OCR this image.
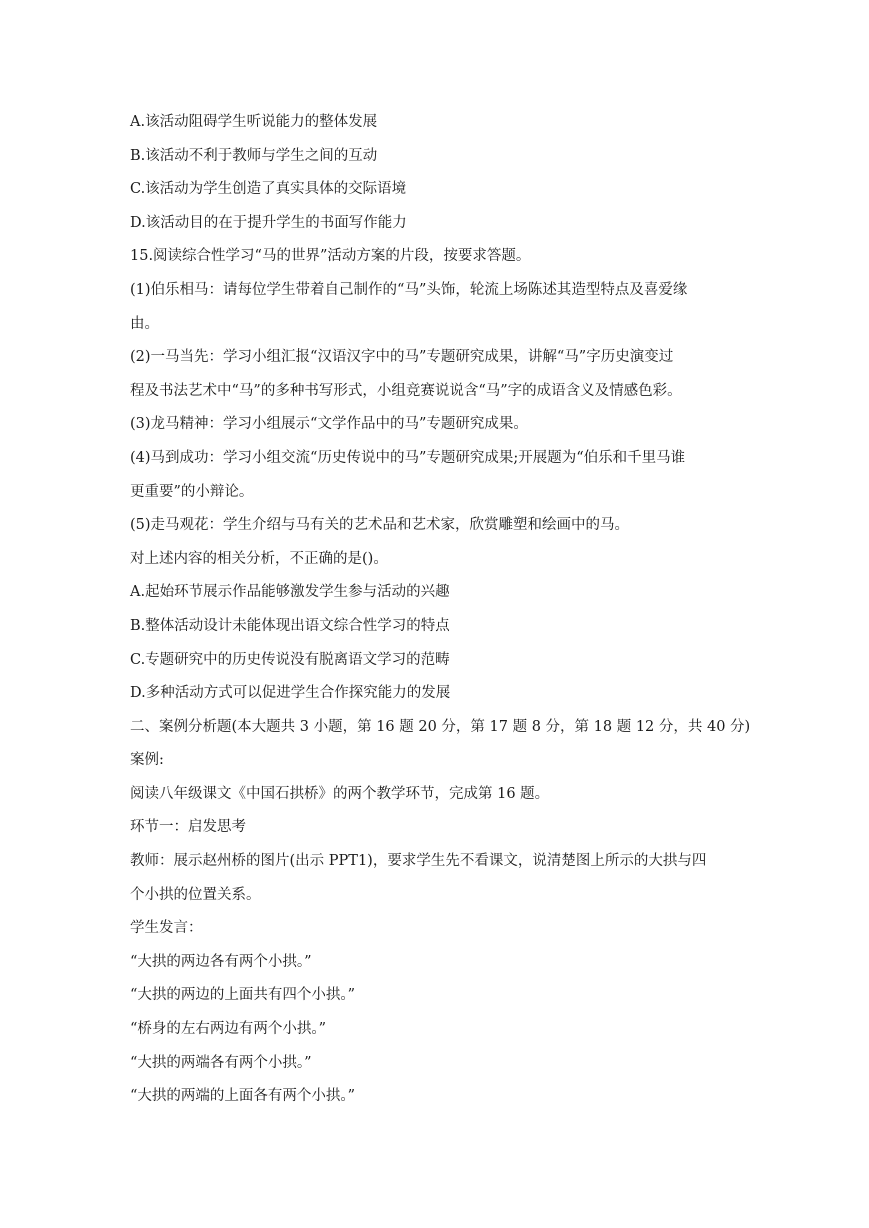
A.该活动阻碍学生听说能力的整体发展
B.该活动不利于教师与学生之间的互动
C.该活动为学生创造了真实具体的交际语境
D.该活动目的在于提升学生的书面写作能力
15.阅读综合性学习“马的世界”活动方案的片段，按要求答题。
(1)伯乐相马：请每位学生带着自己制作的“马”头饰，轮流上场陈述其造型特点及喜爱缘
由。
(2)一马当先：学习小组汇报“汉语汉字中的马”专题研究成果，讲解“马”字历史演变过
程及书法艺术中“马”的多种书写形式，小组竞赛说说含“马”字的成语含义及情感色彩。
(3)龙马精神：学习小组展示“文学作品中的马”专题研究成果。
(4)马到成功：学习小组交流“历史传说中的马”专题研究成果;开展题为“伯乐和千里马谁
更重要”的小辩论。
(5)走马观花：学生介绍与马有关的艺术品和艺术家，欣赏雕塑和绘画中的马。
对上述内容的相关分析，不正确的是()。
A.起始环节展示作品能够激发学生参与活动的兴趣
B.整体活动设计未能体现出语文综合性学习的特点
C.专题研究中的历史传说没有脱离语文学习的范畴
D.多种活动方式可以促进学生合作探究能力的发展
二、案例分析题(本大题共 3 小题，第 16 题 20 分，第 17 题 8 分，第 18 题 12 分，共 40 分)
案例:
阅读八年级课文《中国石拱桥》的两个教学环节，完成第 16 题。
环节一：启发思考
教师：展示赵州桥的图片(出示 PPT1)，要求学生先不看课文，说清楚图上所示的大拱与四
个小拱的位置关系。
学生发言：
“大拱的两边各有两个小拱。”
“大拱的两边的上面共有四个小拱。”
“桥身的左右两边有两个小拱。”
“大拱的两端各有两个小拱。”
“大拱的两端的上面各有两个小拱。”
